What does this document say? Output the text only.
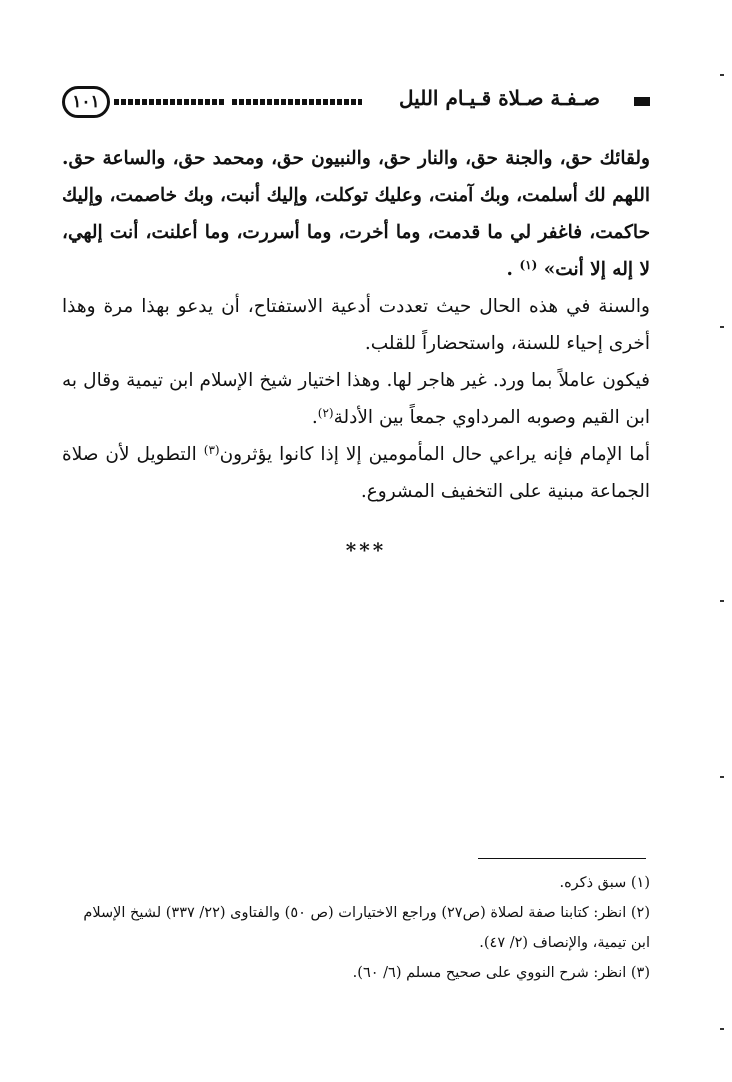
١٠١	صـفـة صـلاة قـيـام الليل

ولقائك حق، والجنة حق، والنار حق، والنبيون حق، ومحمد حق، والساعة حق. اللهم لك أسلمت، وبك آمنت، وعليك توكلت، وإليك أنبت، وبك خاصمت، وإليك حاكمت، فاغفر لي ما قدمت، وما أخرت، وما أسررت، وما أعلنت، أنت إلهي، لا إله إلا أنت» $^{(١)}$ .

والسنة في هذه الحال حيث تعددت أدعية الاستفتاح، أن يدعو بهذا مرة وهذا أخرى إحياء للسنة، واستحضاراً للقلب.

فيكون عاملاً بما ورد. غير هاجر لها. وهذا اختيار شيخ الإسلام ابن تيمية وقال به ابن القيم وصوبه المرداوي جمعاً بين الأدلة$^{(٢)}$.

أما الإمام فإنه يراعي حال المأمومين إلا إذا كانوا يؤثرون$^{(٣)}$ التطويل لأن صلاة الجماعة مبنية على التخفيف المشروع.

***

(١) سبق ذكره.

(٢) انظر: كتابنا صفة لصلاة (ص٢٧) وراجع الاختيارات (ص ٥٠) والفتاوى (٢٢/ ٣٣٧) لشيخ الإسلام ابن تيمية، والإنصاف (٢/ ٤٧).

(٣) انظر: شرح النووي على صحيح مسلم (٦/ ٦٠).
